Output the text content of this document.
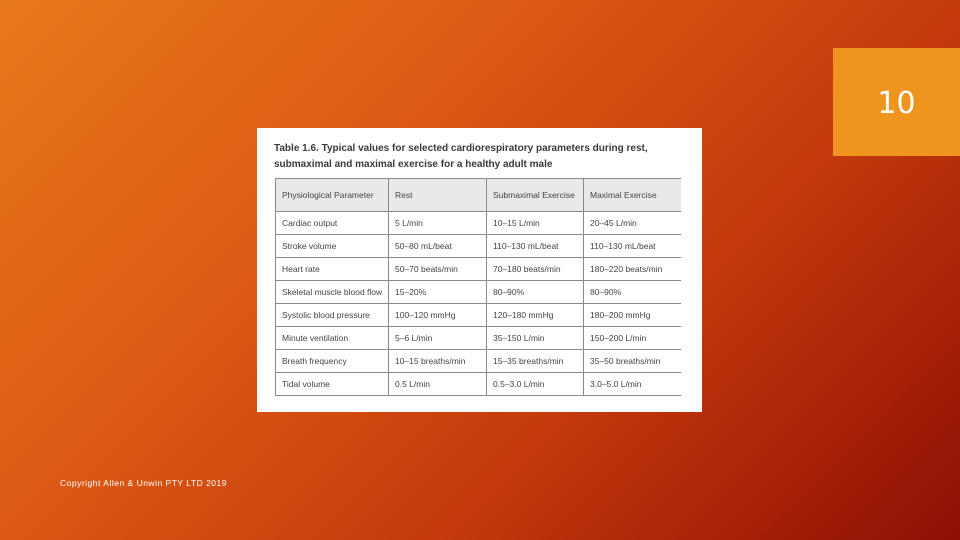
10
Table 1.6. Typical values for selected cardiorespiratory parameters during rest, submaximal and maximal exercise for a healthy adult male
Physiological Parameter	Rest	Submaximal Exercise	Maximal Exercise
Cardiac output	5 L/min	10–15 L/min	20–45 L/min
Stroke volume	50–80 mL/beat	110–130 mL/beat	110–130 mL/beat
Heart rate	50–70 beats/min	70–180 beats/min	180–220 beats/min
Skeletal muscle blood flow	15–20%	80–90%	80–90%
Systolic blood pressure	100–120 mmHg	120–180 mmHg	180–200 mmHg
Minute ventilation	5–6 L/min	35–150 L/min	150–200 L/min
Breath frequency	10–15 breaths/min	15–35 breaths/min	35–50 breaths/min
Tidal volume	0.5 L/min	0.5–3.0 L/min	3.0–5.0 L/min
Copyright Allen & Unwin PTY LTD 2019
